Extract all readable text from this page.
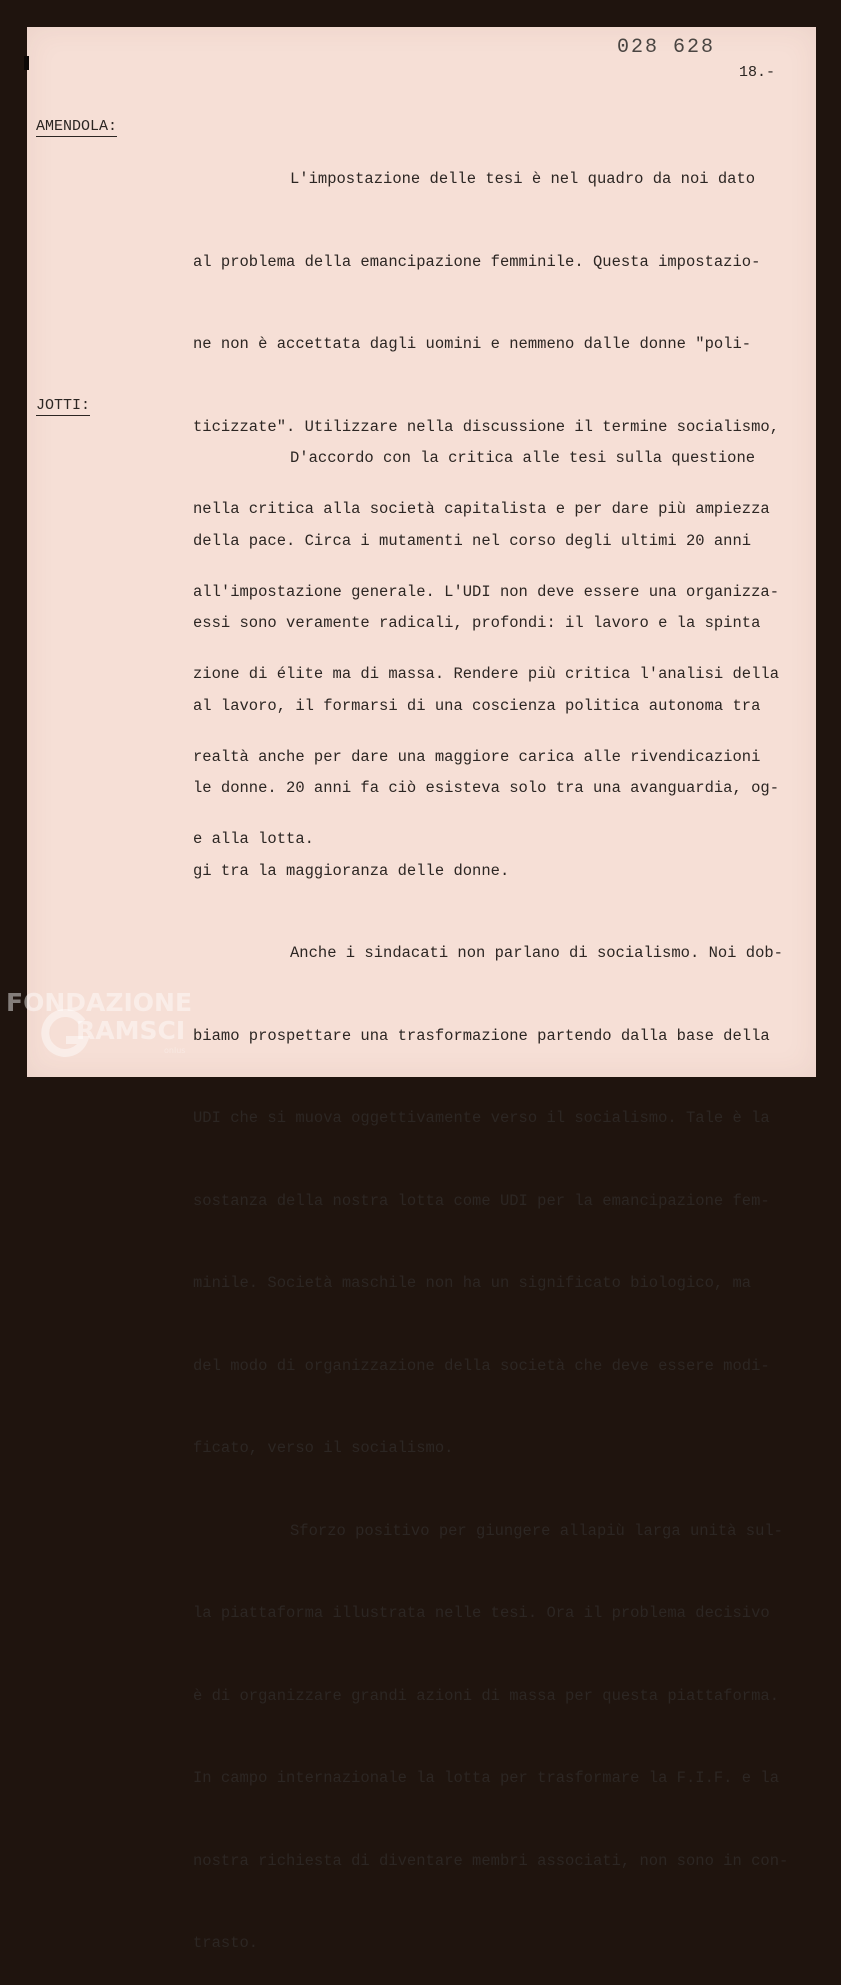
028 628
18.-
AMENDOLA:

L'impostazione delle tesi è nel quadro da noi dato

al problema della emancipazione femminile. Questa impostazio-

ne non è accettata dagli uomini e nemmeno dalle donne "poli-

ticizzate". Utilizzare nella discussione il termine socialismo,

nella critica alla società capitalista e per dare più ampiezza

all'impostazione generale. L'UDI non deve essere una organizza-

zione di élite ma di massa. Rendere più critica l'analisi della

realtà anche per dare una maggiore carica alle rivendicazioni

e alla lotta.

JOTTI:

D'accordo con la critica alle tesi sulla questione

della pace. Circa i mutamenti nel corso degli ultimi 20 anni

essi sono veramente radicali, profondi: il lavoro e la spinta

al lavoro, il formarsi di una coscienza politica autonoma tra

le donne. 20 anni fa ciò esisteva solo tra una avanguardia, og-

gi tra la maggioranza delle donne.

Anche i sindacati non parlano di socialismo. Noi dob-

biamo prospettare una trasformazione partendo dalla base della

UDI che si muova oggettivamente verso il socialismo. Tale è la

sostanza della nostra lotta come UDI per la emancipazione fem-

minile. Società maschile non ha un significato biologico, ma

del modo di organizzazione della società che deve essere modi-

ficato, verso il socialismo.

Sforzo positivo per giungere allapiù larga unità sul-

la piattaforma illustrata nelle tesi. Ora il problema decisivo

è di organizzare grandi azioni di massa per questa piattaforma.

In campo internazionale la lotta per trasformare la F.I.F. e la

nostra richiesta di diventare membri associati, non sono in con-

trasto.

FONDAZIONE
RAMSCI
onlus
